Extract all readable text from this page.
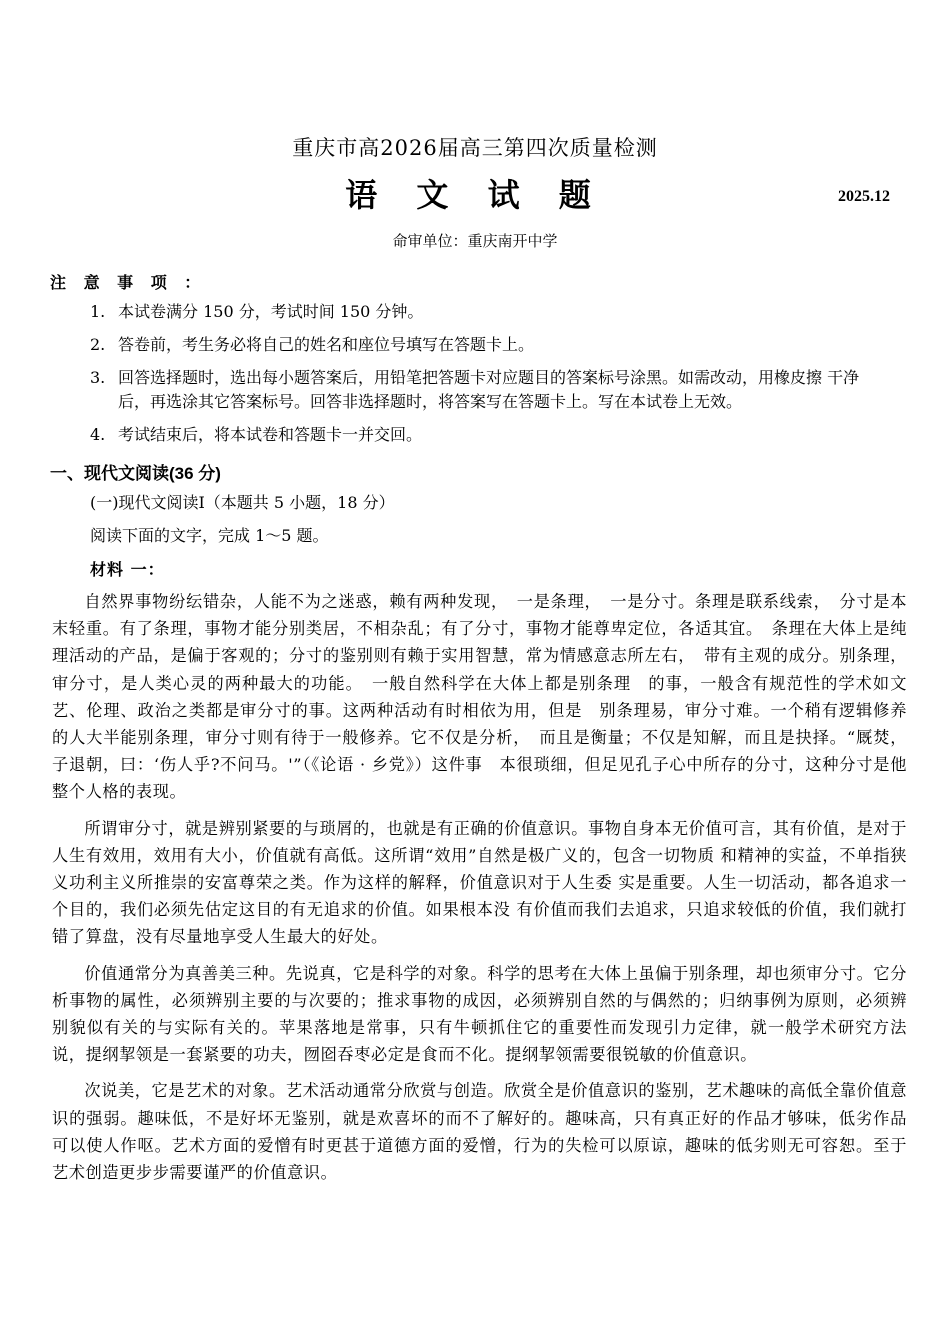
重庆市高2026届高三第四次质量检测
语 文 试 题	2025.12
命审单位：重庆南开中学
注 意 事 项 ：
1. 本试卷满分 150 分，考试时间 150 分钟。
2. 答卷前，考生务必将自己的姓名和座位号填写在答题卡上。
3. 回答选择题时，选出每小题答案后，用铅笔把答题卡对应题目的答案标号涂黑。如需改动，用橡皮擦 干净后，再选涂其它答案标号。回答非选择题时，将答案写在答题卡上。写在本试卷上无效。
4. 考试结束后，将本试卷和答题卡一并交回。
一、现代文阅读(36 分)
(一)现代文阅读Ⅰ（本题共 5 小题，18 分）
阅读下面的文字，完成 1～5 题。
材料 一：

自然界事物纷纭错杂，人能不为之迷惑，赖有两种发现，　一是条理，　一是分寸。条理是联系线索，　分寸是本末轻重。有了条理，事物才能分别类居，不相杂乱；有了分寸，事物才能尊卑定位，各适其宜。　条理在大体上是纯理活动的产品，是偏于客观的；分寸的鉴别则有赖于实用智慧，常为情感意志所左右，　带有主观的成分。别条理，审分寸，是人类心灵的两种最大的功能。　一般自然科学在大体上都是别条理　的事，一般含有规范性的学术如文艺、伦理、政治之类都是审分寸的事。这两种活动有时相依为用，但是　别条理易，审分寸难。一个稍有逻辑修养的人大半能别条理，审分寸则有待于一般修养。它不仅是分析，　而且是衡量；不仅是知解，而且是抉择。“厩焚，子退朝，曰：‘伤人乎?不问马。'”（《论语 · 乡党》）这件事　本很琐细，但足见孔子心中所存的分寸，这种分寸是他整个人格的表现。

所谓审分寸，就是辨别紧要的与琐屑的，也就是有正确的价值意识。事物自身本无价值可言，其有价值，是对于人生有效用，效用有大小，价值就有高低。这所谓“效用”自然是极广义的，包含一切物质 和精神的实益，不单指狭义功利主义所推崇的安富尊荣之类。作为这样的解释，价值意识对于人生委 实是重要。人生一切活动，都各追求一个目的，我们必须先估定这目的有无追求的价值。如果根本没 有价值而我们去追求，只追求较低的价值，我们就打错了算盘，没有尽量地享受人生最大的好处。

价值通常分为真善美三种。先说真，它是科学的对象。科学的思考在大体上虽偏于别条理，却也须审分寸。它分析事物的属性，必须辨别主要的与次要的；推求事物的成因，必须辨别自然的与偶然的；归纳事例为原则，必须辨别貌似有关的与实际有关的。苹果落地是常事，只有牛顿抓住它的重要性而发现引力定律，就一般学术研究方法说，提纲挈领是一套紧要的功夫，囫囵吞枣必定是食而不化。提纲挈领需要很锐敏的价值意识。

次说美，它是艺术的对象。艺术活动通常分欣赏与创造。欣赏全是价值意识的鉴别，艺术趣味的高低全靠价值意识的强弱。趣味低，不是好坏无鉴别，就是欢喜坏的而不了解好的。趣味高，只有真正好的作品才够味，低劣作品可以使人作呕。艺术方面的爱憎有时更甚于道德方面的爱憎，行为的失检可以原谅，趣味的低劣则无可容恕。至于艺术创造更步步需要谨严的价值意识。
